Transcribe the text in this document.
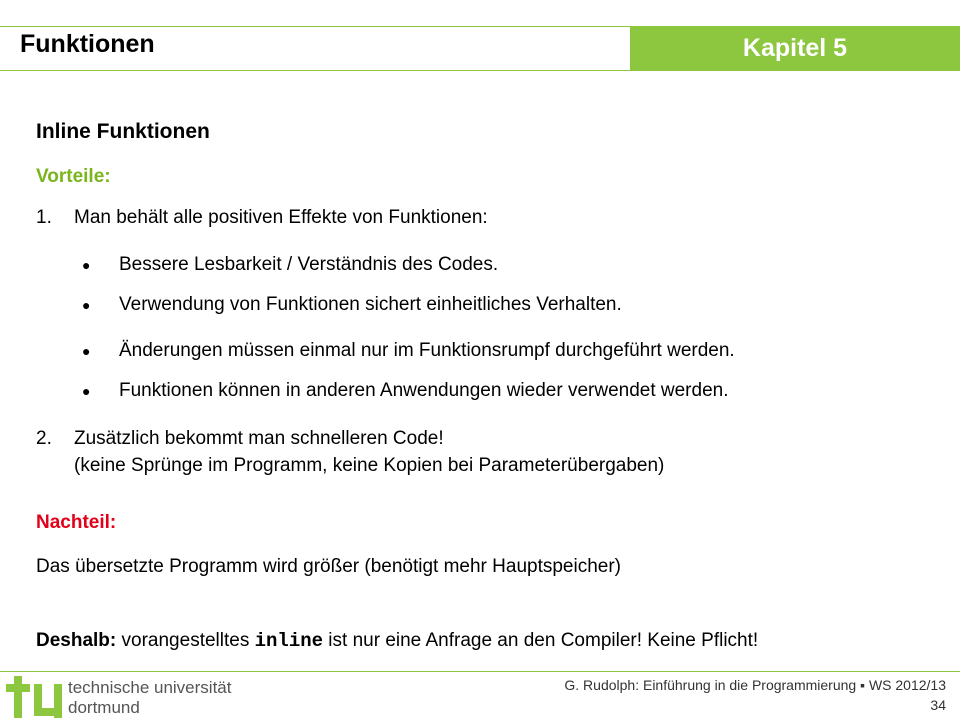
Funktionen	Kapitel 5
Inline Funktionen
Vorteile:
1. Man behält alle positiven Effekte von Funktionen:
● Bessere Lesbarkeit / Verständnis des Codes.
● Verwendung von Funktionen sichert einheitliches Verhalten.
● Änderungen müssen einmal nur im Funktionsrumpf durchgeführt werden.
● Funktionen können in anderen Anwendungen wieder verwendet werden.
2. Zusätzlich bekommt man schnelleren Code!
(keine Sprünge im Programm, keine Kopien bei Parameterübergaben)
Nachteil:
Das übersetzte Programm wird größer (benötigt mehr Hauptspeicher)
Deshalb: vorangestelltes inline ist nur eine Anfrage an den Compiler! Keine Pflicht!
technische universität
dortmund
G. Rudolph: Einführung in die Programmierung ▪ WS 2012/13
34
